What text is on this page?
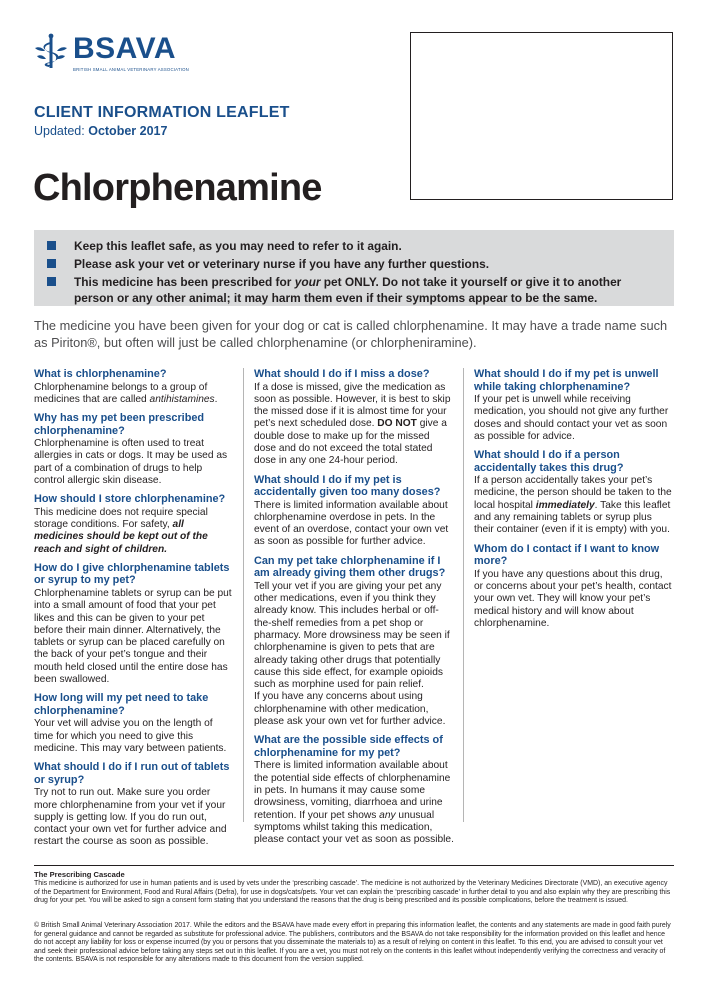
BSAVA
BRITISH SMALL ANIMAL VETERINARY ASSOCIATION
CLIENT INFORMATION LEAFLET
Updated: October 2017
Chlorphenamine
Keep this leaflet safe, as you may need to refer to it again.
Please ask your vet or veterinary nurse if you have any further questions.
This medicine has been prescribed for your pet ONLY. Do not take it yourself or give it to another person or any other animal; it may harm them even if their symptoms appear to be the same.

The medicine you have been given for your dog or cat is called chlorphenamine. It may have a trade name such as Piriton®, but often will just be called chlorphenamine (or chlorpheniramine).

What is chlorphenamine?

Chlorphenamine belongs to a group of medicines that are called antihistamines.

Why has my pet been prescribed chlorphenamine?

Chlorphenamine is often used to treat allergies in cats or dogs. It may be used as part of a combination of drugs to help control allergic skin disease.

How should I store chlorphenamine?

This medicine does not require special storage conditions. For safety, all medicines should be kept out of the reach and sight of children.

How do I give chlorphenamine tablets or syrup to my pet?

Chlorphenamine tablets or syrup can be put into a small amount of food that your pet likes and this can be given to your pet before their main dinner. Alternatively, the tablets or syrup can be placed carefully on the back of your pet’s tongue and their mouth held closed until the entire dose has been swallowed.

How long will my pet need to take chlorphenamine?

Your vet will advise you on the length of time for which you need to give this medicine. This may vary between patients.

What should I do if I run out of tablets or syrup?

Try not to run out. Make sure you order more chlorphenamine from your vet if your supply is getting low. If you do run out, contact your own vet for further advice and restart the course as soon as possible.

What should I do if I miss a dose?

If a dose is missed, give the medication as soon as possible. However, it is best to skip the missed dose if it is almost time for your pet’s next scheduled dose. DO NOT give a double dose to make up for the missed dose and do not exceed the total stated dose in any one 24-hour period.

What should I do if my pet is accidentally given too many doses?

There is limited information available about chlorphenamine overdose in pets. In the event of an overdose, contact your own vet as soon as possible for further advice.

Can my pet take chlorphenamine if I am already giving them other drugs?

Tell your vet if you are giving your pet any other medications, even if you think they already know. This includes herbal or off-the-shelf remedies from a pet shop or pharmacy. More drowsiness may be seen if chlorphenamine is given to pets that are already taking other drugs that potentially cause this side effect, for example opioids such as morphine used for pain relief.

If you have any concerns about using chlorphenamine with other medication, please ask your own vet for further advice.

What are the possible side effects of chlorphenamine for my pet?

There is limited information available about the potential side effects of chlorphenamine in pets. In humans it may cause some drowsiness, vomiting, diarrhoea and urine retention. If your pet shows any unusual symptoms whilst taking this medication, please contact your vet as soon as possible.

What should I do if my pet is unwell while taking chlorphenamine?

If your pet is unwell while receiving medication, you should not give any further doses and should contact your vet as soon as possible for advice.

What should I do if a person accidentally takes this drug?

If a person accidentally takes your pet’s medicine, the person should be taken to the local hospital immediately. Take this leaflet and any remaining tablets or syrup plus their container (even if it is empty) with you.

Whom do I contact if I want to know more?

If you have any questions about this drug, or concerns about your pet’s health, contact your own vet. They will know your pet’s medical history and will know about chlorphenamine.

The Prescribing Cascade

This medicine is authorized for use in human patients and is used by vets under the ‘prescribing cascade’. The medicine is not authorized by the Veterinary Medicines Directorate (VMD), an executive agency of the Department for Environment, Food and Rural Affairs (Defra), for use in dogs/cats/pets. Your vet can explain the ‘prescribing cascade’ in further detail to you and also explain why they are prescribing this drug for your pet. You will be asked to sign a consent form stating that you understand the reasons that the drug is being prescribed and its possible complications, before the treatment is issued.

© British Small Animal Veterinary Association 2017. While the editors and the BSAVA have made every effort in preparing this information leaflet, the contents and any statements are made in good faith purely for general guidance and cannot be regarded as substitute for professional advice. The publishers, contributors and the BSAVA do not take responsibility for the information provided on this leaflet and hence do not accept any liability for loss or expense incurred (by you or persons that you disseminate the materials to) as a result of relying on content in this leaflet. To this end, you are advised to consult your vet and seek their professional advice before taking any steps set out in this leaflet. If you are a vet, you must not rely on the contents in this leaflet without independently verifying the correctness and veracity of the contents. BSAVA is not responsible for any alterations made to this document from the version supplied.
